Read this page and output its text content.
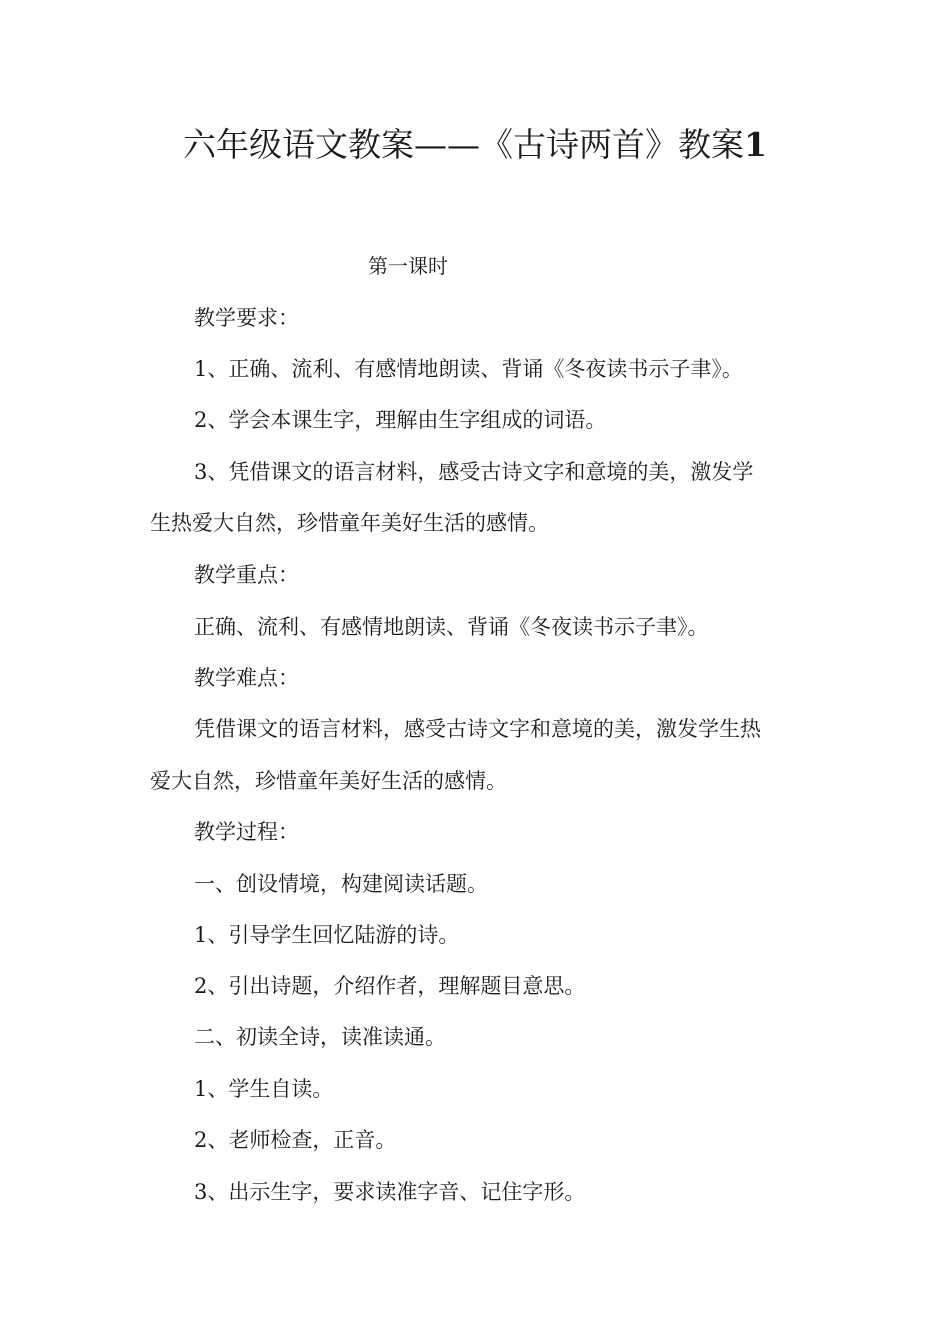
六年级语文教案——《古诗两首》教案1
第一课时
教学要求：
1、正确、流利、有感情地朗读、背诵《冬夜读书示子聿》。
2、学会本课生字，理解由生字组成的词语。
3、凭借课文的语言材料，感受古诗文字和意境的美，激发学
生热爱大自然，珍惜童年美好生活的感情。
教学重点：
正确、流利、有感情地朗读、背诵《冬夜读书示子聿》。
教学难点：
凭借课文的语言材料，感受古诗文字和意境的美，激发学生热
爱大自然，珍惜童年美好生活的感情。
教学过程：
一、创设情境，构建阅读话题。
1、引导学生回忆陆游的诗。
2、引出诗题，介绍作者，理解题目意思。
二、初读全诗，读准读通。
1、学生自读。
2、老师检查，正音。
3、出示生字，要求读准字音、记住字形。
